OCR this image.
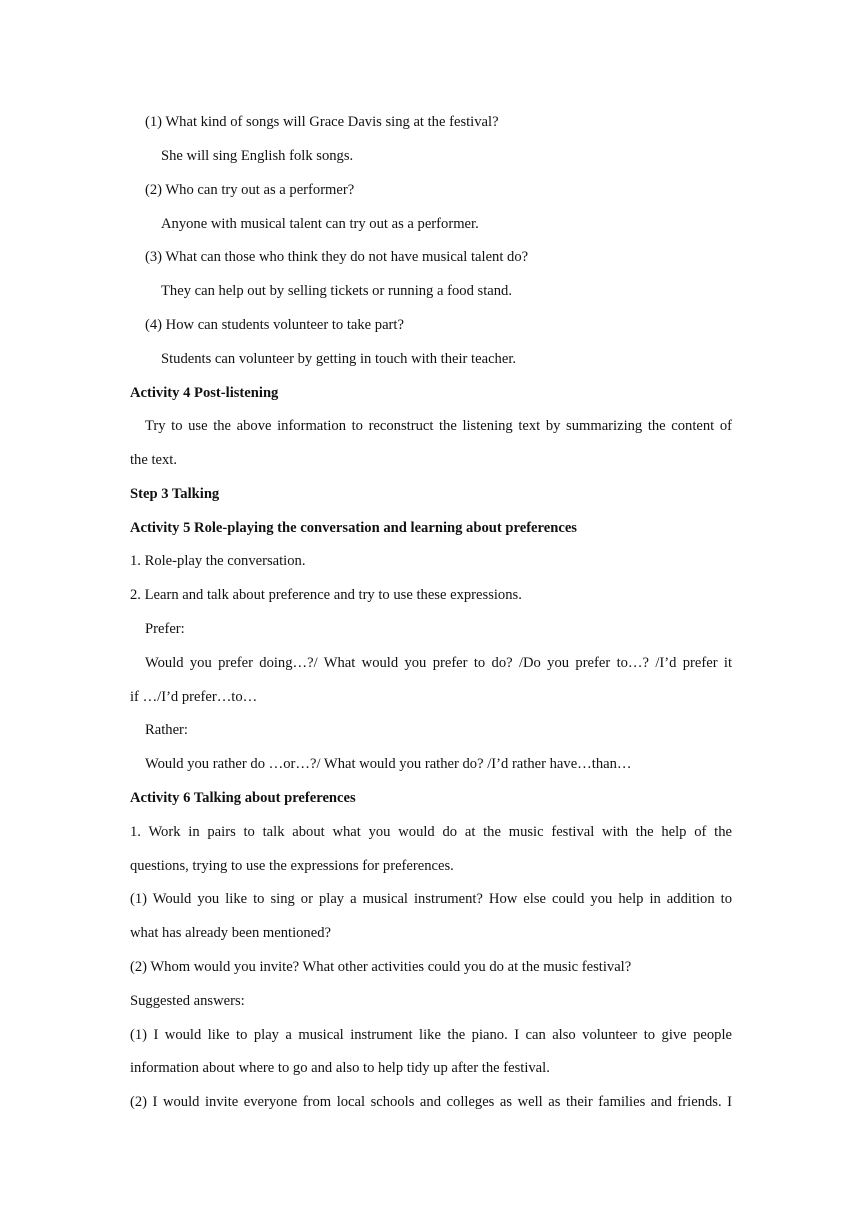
(1) What kind of songs will Grace Davis sing at the festival?
She will sing English folk songs.
(2) Who can try out as a performer?
Anyone with musical talent can try out as a performer.
(3) What can those who think they do not have musical talent do?
They can help out by selling tickets or running a food stand.
(4) How can students volunteer to take part?
Students can volunteer by getting in touch with their teacher.
Activity 4 Post-listening
Try to use the above information to reconstruct the listening text by summarizing the content of
the text.
Step 3 Talking
Activity 5 Role-playing the conversation and learning about preferences
1. Role-play the conversation.
2. Learn and talk about preference and try to use these expressions.
Prefer:
Would you prefer doing…?/ What would you prefer to do? /Do you prefer to…? /I’d prefer it
if …/I’d prefer…to…
Rather:
Would you rather do …or…?/ What would you rather do? /I’d rather have…than…
Activity 6 Talking about preferences
1. Work in pairs to talk about what you would do at the music festival with the help of the
questions, trying to use the expressions for preferences.
(1) Would you like to sing or play a musical instrument? How else could you help in addition to
what has already been mentioned?
(2) Whom would you invite? What other activities could you do at the music festival?
Suggested answers:
(1) I would like to play a musical instrument like the piano. I can also volunteer to give people
information about where to go and also to help tidy up after the festival.
(2) I would invite everyone from local schools and colleges as well as their families and friends. I
